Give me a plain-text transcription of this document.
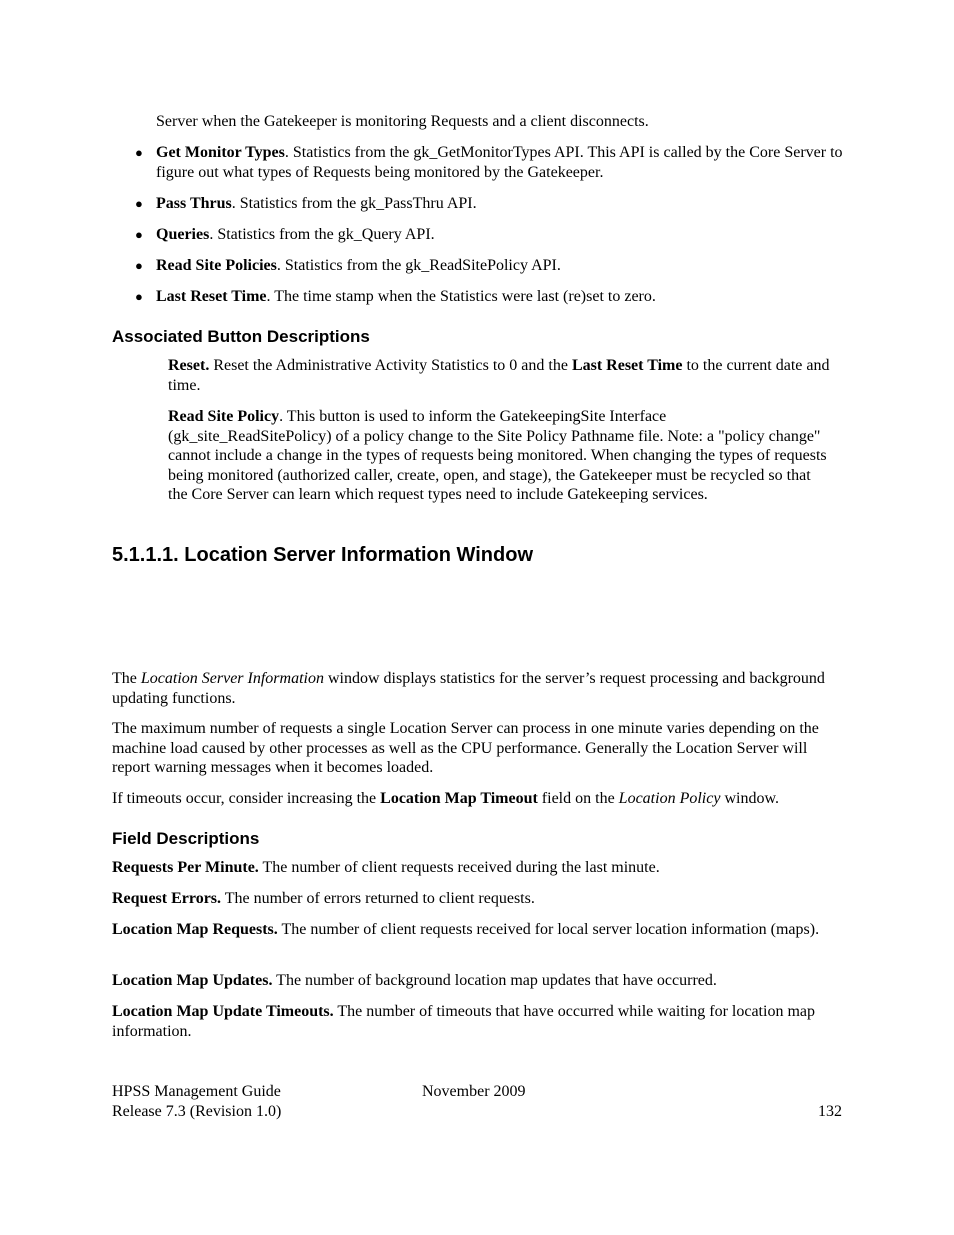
Server when the Gatekeeper is monitoring Requests and a client disconnects.

● Get Monitor Types. Statistics from the gk_GetMonitorTypes API. This API is called by the Core Server to figure out what types of Requests being monitored by the Gatekeeper.

● Pass Thrus. Statistics from the gk_PassThru API.

● Queries. Statistics from the gk_Query API.

● Read Site Policies. Statistics from the gk_ReadSitePolicy API.

● Last Reset Time. The time stamp when the Statistics were last (re)set to zero.

Associated Button Descriptions

Reset. Reset the Administrative Activity Statistics to 0 and the Last Reset Time to the current date and time.

Read Site Policy. This button is used to inform the GatekeepingSite Interface (gk_site_ReadSitePolicy) of a policy change to the Site Policy Pathname file. Note: a "policy change" cannot include a change in the types of requests being monitored. When changing the types of requests being monitored (authorized caller, create, open, and stage), the Gatekeeper must be recycled so that the Core Server can learn which request types need to include Gatekeeping services.

5.1.1.1. Location Server Information Window

The Location Server Information window displays statistics for the server’s request processing and background updating functions.

The maximum number of requests a single Location Server can process in one minute varies depending on the machine load caused by other processes as well as the CPU performance. Generally the Location Server will report warning messages when it becomes loaded.

If timeouts occur, consider increasing the Location Map Timeout field on the Location Policy window.

Field Descriptions

Requests Per Minute. The number of client requests received during the last minute.

Request Errors. The number of errors returned to client requests.

Location Map Requests. The number of client requests received for local server location information (maps).

Location Map Updates. The number of background location map updates that have occurred.

Location Map Update Timeouts. The number of timeouts that have occurred while waiting for location map information.

HPSS Management Guide	November 2009
Release 7.3 (Revision 1.0)	132
